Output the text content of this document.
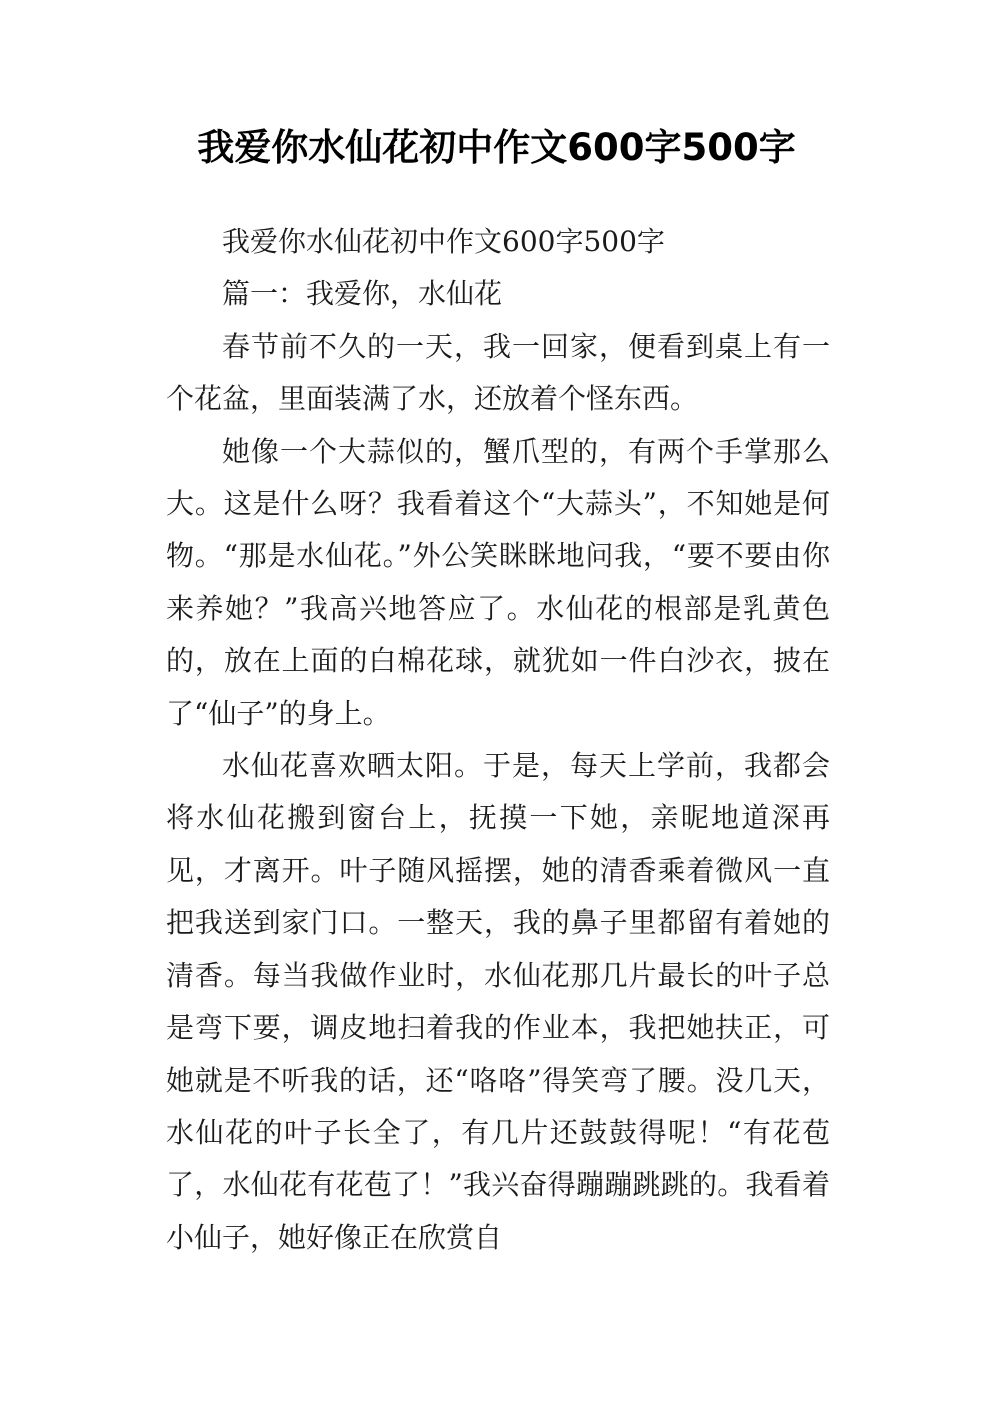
我爱你水仙花初中作文600字500字

我爱你水仙花初中作文600字500字

篇一：我爱你，水仙花

春节前不久的一天，我一回家，便看到桌上有一个花盆，里面装满了水，还放着个怪东西。

她像一个大蒜似的，蟹爪型的，有两个手掌那么大。这是什么呀？我看着这个“大蒜头”，不知她是何物。“那是水仙花。”外公笑眯眯地问我，“要不要由你来养她？”我高兴地答应了。水仙花的根部是乳黄色的，放在上面的白棉花球，就犹如一件白沙衣，披在了“仙子”的身上。

水仙花喜欢晒太阳。于是，每天上学前，我都会将水仙花搬到窗台上，抚摸一下她，亲昵地道深再见，才离开。叶子随风摇摆，她的清香乘着微风一直把我送到家门口。一整天，我的鼻子里都留有着她的清香。每当我做作业时，水仙花那几片最长的叶子总是弯下要，调皮地扫着我的作业本，我把她扶正，可她就是不听我的话，还“咯咯”得笑弯了腰。没几天，水仙花的叶子长全了，有几片还鼓鼓得呢！“有花苞了，水仙花有花苞了！”我兴奋得蹦蹦跳跳的。我看着小仙子，她好像正在欣赏自
